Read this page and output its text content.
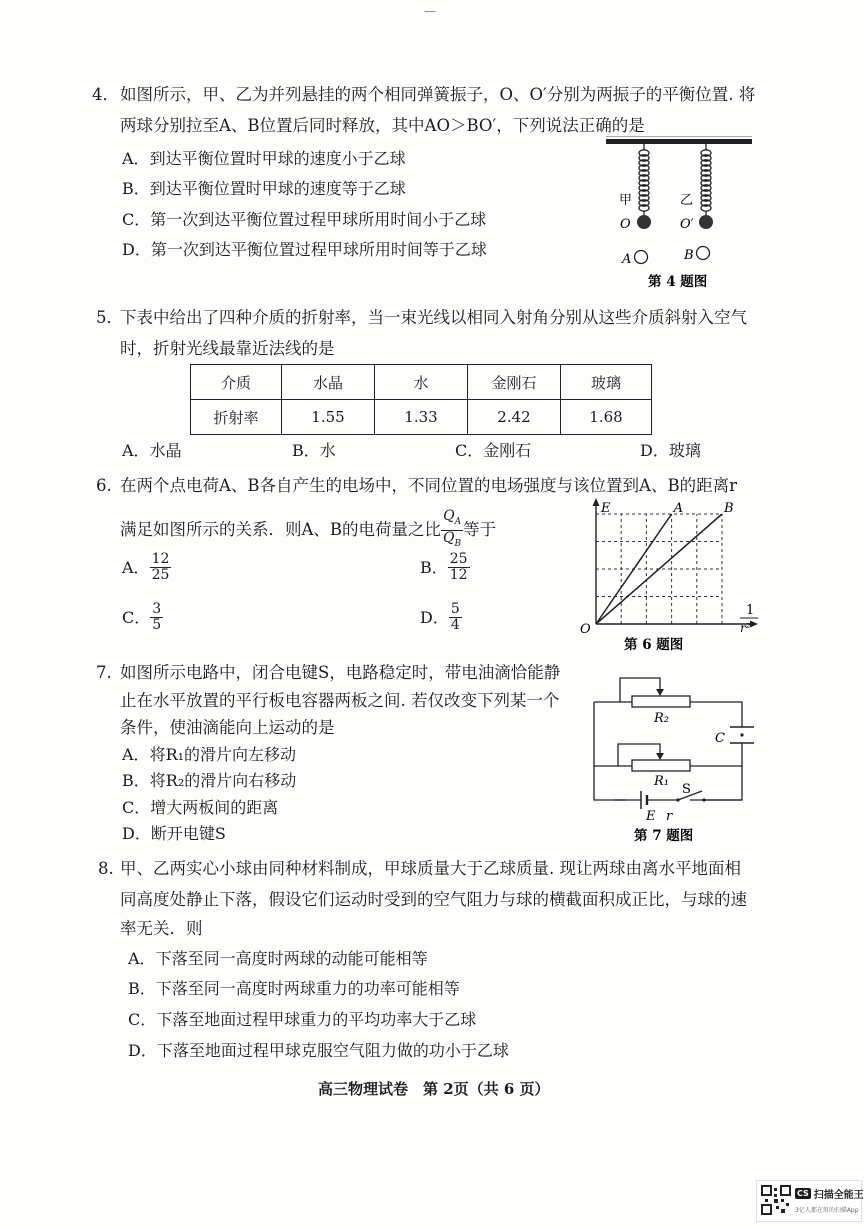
—
4． 如图所示，甲、乙为并列悬挂的两个相同弹簧振子，O、O′分别为两振子的平衡位置. 将
两球分别拉至A、B位置后同时释放，其中AO＞BO′，下列说法正确的是
A．到达平衡位置时甲球的速度小于乙球
B．到达平衡位置时甲球的速度等于乙球
C．第一次到达平衡位置过程甲球所用时间小于乙球
D．第一次到达平衡位置过程甲球所用时间等于乙球
甲	乙
O	O′
A	B
第 4 题图
5．
下表中给出了四种介质的折射率，当一束光线以相同入射角分别从这些介质斜射入空气
时，折射光线最靠近法线的是
介质	水晶	水	金刚石	玻璃
折射率	1.55	1.33	2.42	1.68
A．水晶	B．水	C．金刚石	D．玻璃
6. 在两个点电荷A、B各自产生的电场中，不同位置的电场强度与该位置到A、B的距离r
满足如图所示的关系．则A、B的电荷量之比 $\frac{Q_A}{Q_B}$ 等于
A． $\frac{12}{25}$	B． $\frac{25}{12}$
C． $\frac{3}{5}$	D． $\frac{5}{4}$
E
O
A	B
1
r²
第 6 题图
7. 如图所示电路中，闭合电键S，电路稳定时，带电油滴恰能静
止在水平放置的平行板电容器两板之间. 若仅改变下列某一个
条件，使油滴能向上运动的是
A．将R₁的滑片向左移动
B．将R₂的滑片向右移动
C．增大两板间的距离
D．断开电键S
R₂
R₁
C
E r
S
第 7 题图
8. 甲、乙两实心小球由同种材料制成，甲球质量大于乙球质量. 现让两球由离水平地面相
同高度处静止下落，假设它们运动时受到的空气阻力与球的横截面积成正比，与球的速
率无关．则
A．下落至同一高度时两球的动能可能相等
B．下落至同一高度时两球重力的功率可能相等
C．下落至地面过程甲球重力的平均功率大于乙球
D．下落至地面过程甲球克服空气阻力做的功小于乙球
高三物理试卷　第 2页（共 6 页）
CS 扫描全能王
3亿人都在用的扫描App
